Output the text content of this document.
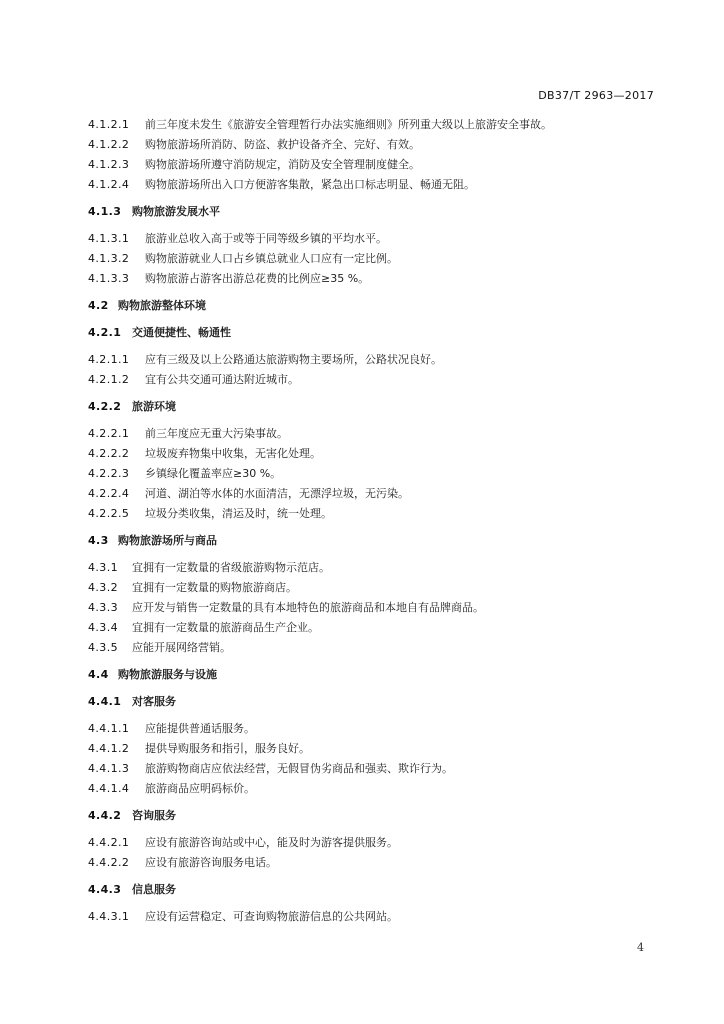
DB37/T 2963—2017
4.1.2.1	前三年度未发生《旅游安全管理暂行办法实施细则》所列重大级以上旅游安全事故。
4.1.2.2	购物旅游场所消防、防盗、救护设备齐全、完好、有效。
4.1.2.3	购物旅游场所遵守消防规定，消防及安全管理制度健全。
4.1.2.4	购物旅游场所出入口方便游客集散，紧急出口标志明显、畅通无阻。
4.1.3 购物旅游发展水平
4.1.3.1	旅游业总收入高于或等于同等级乡镇的平均水平。
4.1.3.2	购物旅游就业人口占乡镇总就业人口应有一定比例。
4.1.3.3	购物旅游占游客出游总花费的比例应≥35 %。
4.2 购物旅游整体环境
4.2.1 交通便捷性、畅通性
4.2.1.1	应有三级及以上公路通达旅游购物主要场所，公路状况良好。
4.2.1.2	宜有公共交通可通达附近城市。
4.2.2 旅游环境
4.2.2.1	前三年度应无重大污染事故。
4.2.2.2	垃圾废弃物集中收集，无害化处理。
4.2.2.3	乡镇绿化覆盖率应≥30 %。
4.2.2.4	河道、湖泊等水体的水面清洁，无漂浮垃圾，无污染。
4.2.2.5	垃圾分类收集，清运及时，统一处理。
4.3 购物旅游场所与商品
4.3.1	宜拥有一定数量的省级旅游购物示范店。
4.3.2	宜拥有一定数量的购物旅游商店。
4.3.3	应开发与销售一定数量的具有本地特色的旅游商品和本地自有品牌商品。
4.3.4	宜拥有一定数量的旅游商品生产企业。
4.3.5	应能开展网络营销。
4.4 购物旅游服务与设施
4.4.1 对客服务
4.4.1.1	应能提供普通话服务。
4.4.1.2	提供导购服务和指引，服务良好。
4.4.1.3	旅游购物商店应依法经营，无假冒伪劣商品和强卖、欺诈行为。
4.4.1.4	旅游商品应明码标价。
4.4.2 咨询服务
4.4.2.1	应设有旅游咨询站或中心，能及时为游客提供服务。
4.4.2.2	应设有旅游咨询服务电话。
4.4.3 信息服务
4.4.3.1	应设有运营稳定、可查询购物旅游信息的公共网站。
4
